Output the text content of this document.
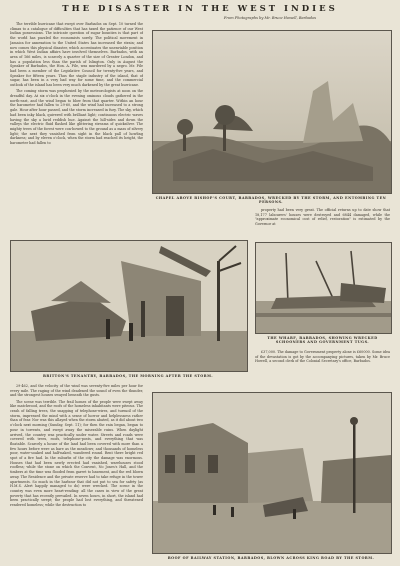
THE DISASTER IN THE WEST INDIES
From Photographs by Mr. Bruce Howell, Barbados

The terrible hurricane that swept over Barbados on Sept. 10 turned the climax to a catalogue of difficulties that has taxed the patience of our West Indian possessions. The intricate question of sugar bounties is that part of the world has puzzled the economists sorely. The political movement in Jamaica for annexation to the United States has increased the strain; and now comes this physical disaster, which accentuates the unenviable position in which West Indian affairs have involved themselves. Barbados, with an area of 166 miles, is scarcely a quarter of the size of Greater London, and has a population less than the parish of Islington. Only in August the Speaker of Barbados, the Hon. A. Pile, was murdered by a negro. Mr. Pile had been a member of the Legislative Council for twenty-five years, and Speaker for fifteen years. Thus the staple industry of the island, that of sugar, has been in a very bad way for some time, and the commercial outlook of the island has been very much darkened by the great hurricane.

The coming storm was prophesied by the meteorologists at noon on the dreadful day. At six o'clock in the evening ominous clouds gathered in the north-east, and the wind began to blow from that quarter. Within an hour the barometer had fallen to 29·60, and the wind had increased to a strong gale. Hour after hour passed, and the storm increased in fury. The sky, which had been inky black, quivered with brilliant light; continuous electric waves having the sky a lurid reddish hue. Against the hill-sides and down the valleys the electric fluid flashed like glittering streams of quicksilver. The mighty trees of the forest were con-bowed to the ground as a mass of silvery light; the next they vanished from sight in the black pall of howling darkness; and by eleven o'clock, when the storm had reached its height, the barometer had fallen to

CHAPEL ABOVE BISHOP'S COURT, BARBADOS, WRECKED BY THE STORM, AND ENTOMBING TEN PERSONS.

property had been very great. The official returns up to date show that 18,177 labourers' houses were destroyed and 6844 damaged, while the "approximate economical cost of relief, restoration" is estimated by the Governor at

BRITTON'S TENANTRY, BARBADOS, THE MORNING AFTER THE STORM.
THE WHARF, BARBADOS, SHOWING WRECKED SCHOONERS AND GOVERNMENT TUGS.

£37,000. The damage to Government property alone is £60000. Some idea of the devastation is got by the accompanying pictures, taken by Mr. Bruce Howell, a second clerk of the Colonial Secretary's office, Barbados.

29·462, and the velocity of the wind was seventy-five miles per hour for every mile. The raging of the wind deadened the sound of even the thunder, and the strongest houses swayed beneath the gusts.

The scene was terrible. The frail homes of the people were swept away like matchwood, and the roofs of the homeless inhabitants were piteous. The crash of falling trees, the snapping of telephone-wires, and turmoil of the storm, impressed the mind with a sense of horror and helplessness rather than of fear. Nor was this allayed when the storm abated, as it did about two o'clock next morning (Sunday, Sept. 11); for then the rain began, began to pour in torrents, and swept away the miserable ruins. When daylight arrived, the country was practically under water. Streets and roads were covered with trees, roofs, telephone-posts, and everything that was floatable. Scarcely a house of the land had been covered with more than a few hours before were as bare as the meadows; and thousands of homeless poor, water-soaked and half-naked, wandered round. Rent there bright red spot of a fire had. In the suburbs of the city the damage was enormous. Houses that had been newly erected had vanished, warehouses stood roofless; while the stone on which the Convent, No Jones's Hall, and the timbers at the time was flooded from garret to basement, and the red blown away. The Residence and the private reserve had to take refuge in the tower apartments. So much in the harbour that did not put to sea for safety (as H.M.S. Alert happily managed to do) were wrecked. The scene in the country was even more heart-rending: all the cases in view of the great poverty that has recently prevailed. In seven hours, in short, the island had been practically swept; the people had lost everything, and threatened rendered homeless; while the destruction to

ROOF OF RAILWAY STATION, BARBADOS, BLOWN ACROSS KING ROAD BY THE STORM.
